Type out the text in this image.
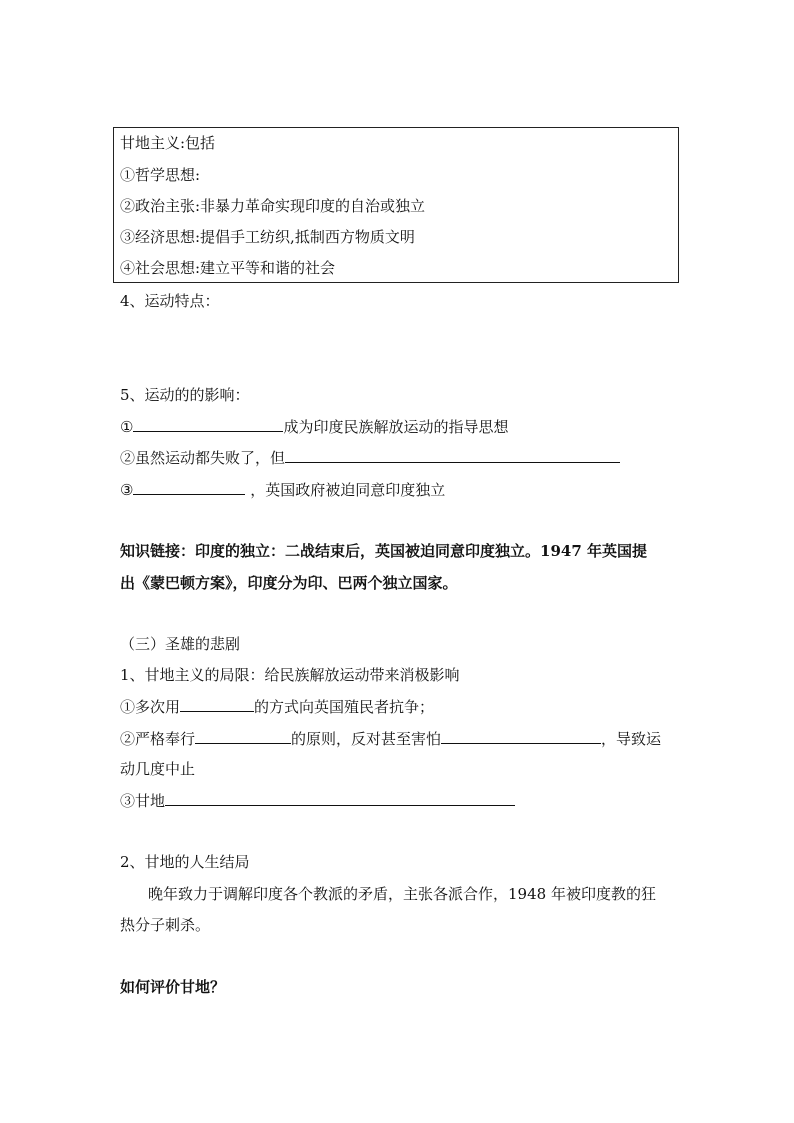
甘地主义:包括
①哲学思想:
②政治主张:非暴力革命实现印度的自治或独立
③经济思想:提倡手工纺织,抵制西方物质文明
④社会思想:建立平等和谐的社会
4、运动特点：
5、运动的的影响：
①	成为印度民族解放运动的指导思想
②虽然运动都失败了，但
③	，英国政府被迫同意印度独立
知识链接：印度的独立：二战结束后，英国被迫同意印度独立。1947 年英国提
出《蒙巴顿方案》，印度分为印、巴两个独立国家。
（三）圣雄的悲剧
1、甘地主义的局限：给民族解放运动带来消极影响
①多次用	的方式向英国殖民者抗争；
②严格奉行	的原则，反对甚至害怕	，导致运
动几度中止
③甘地
2、甘地的人生结局
晚年致力于调解印度各个教派的矛盾，主张各派合作，1948 年被印度教的狂
热分子刺杀。
如何评价甘地？
